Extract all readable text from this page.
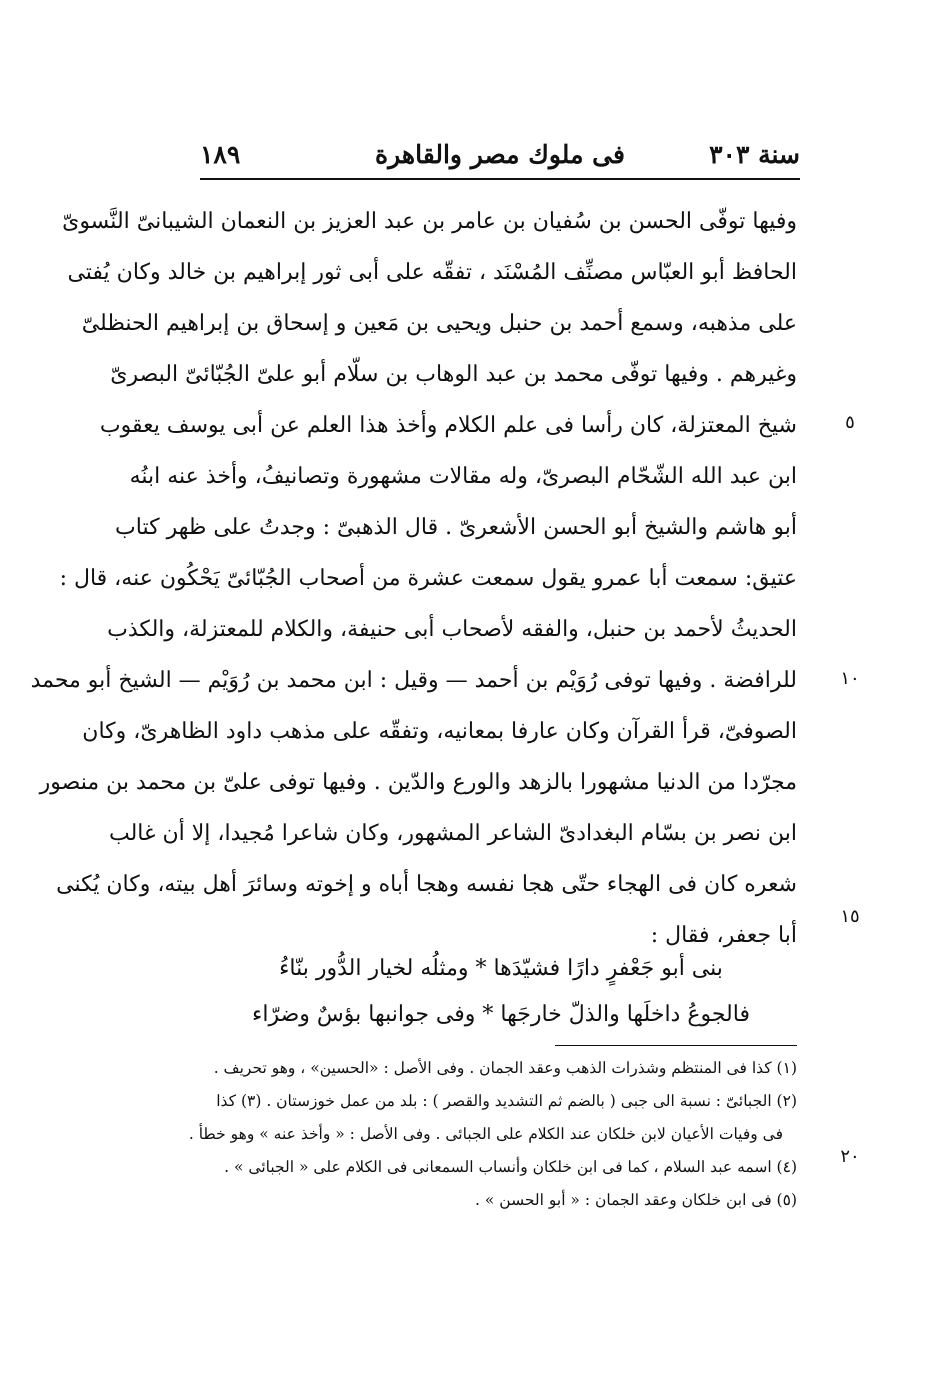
سنة ٣٠٣
فى ملوك مصر والقاهرة
١٨٩
وفيها توفّى الحسن بن سُفيان بن عامر بن عبد العزيز بن النعمان الشيبانىّ النَّسوىّ
الحافظ أبو العبّاس مصنِّف المُسْنَد ، تفقّه على أبى ثور إبراهيم بن خالد وكان يُفتى
على مذهبه، وسمع أحمد بن حنبل ويحيى بن مَعين و إسحاق بن إبراهيم الحنظلىّ
وغيرهم . وفيها توفّى محمد بن عبد الوهاب بن سلّام أبو علىّ الجُبّائىّ البصرىّ
شيخ المعتزلة، كان رأسا فى علم الكلام وأخذ هذا العلم عن أبى يوسف يعقوب
ابن عبد الله الشّحّام البصرىّ، وله مقالات مشهورة وتصانيفُ، وأخذ عنه ابنُه
أبو هاشم والشيخ أبو الحسن الأشعرىّ . قال الذهبىّ : وجدتُ على ظهر كتاب
عتيق: سمعت أبا عمرو يقول سمعت عشرة من أصحاب الجُبّائىّ يَحْكُون عنه، قال :
الحديثُ لأحمد بن حنبل، والفقه لأصحاب أبى حنيفة، والكلام للمعتزلة، والكذب
للرافضة . وفيها توفى رُوَيْم بن أحمد — وقيل : ابن محمد بن رُوَيْم — الشيخ أبو محمد
الصوفىّ، قرأ القرآن وكان عارفا بمعانيه، وتفقّه على مذهب داود الظاهرىّ، وكان
مجرّدا من الدنيا مشهورا بالزهد والورع والدّين . وفيها توفى علىّ بن محمد بن منصور
ابن نصر بن بسّام البغدادىّ الشاعر المشهور، وكان شاعرا مُجيدا، إلا أن غالب
شعره كان فى الهجاء حتّى هجا نفسه وهجا أباه و إخوته وسائرَ أهل بيته، وكان يُكنى
أبا جعفر، فقال :
بنى أبو جَعْفرٍ دارًا فشيّدَها * ومثلُه لخيار الدُّور بنّاءُ
فالجوعُ داخلَها والذلّ خارجَها * وفى جوانبها بؤسٌ وضرّاء
٥
١٠
١٥
٢٠
(١) كذا فى المنتظم وشذرات الذهب وعقد الجمان . وفى الأصل : «الحسين» ، وهو تحريف .
(٢) الجبائىّ : نسبة الى جبى ( بالضم ثم التشديد والقصر ) : بلد من عمل خوزستان . (٣) كذا
فى وفيات الأعيان لابن خلكان عند الكلام على الجبائى . وفى الأصل : « وأخذ عنه » وهو خطأ .
(٤) اسمه عبد السلام ، كما فى ابن خلكان وأنساب السمعانى فى الكلام على « الجبائى » .
(٥) فى ابن خلكان وعقد الجمان : « أبو الحسن » .
